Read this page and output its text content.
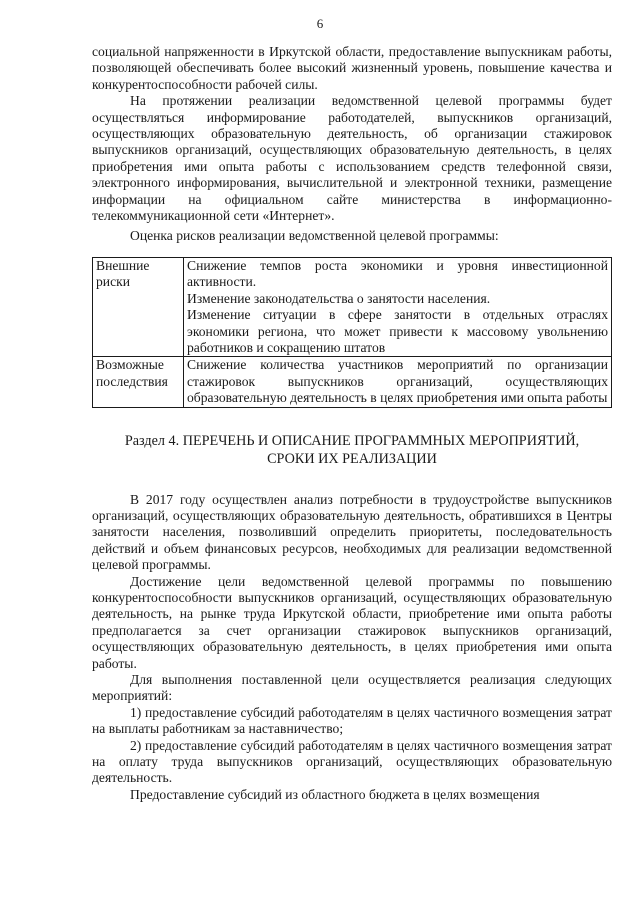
6

социальной напряженности в Иркутской области, предоставление выпускникам работы, позволяющей обеспечивать более высокий жизненный уровень, повышение качества и конкурентоспособности рабочей силы.

На протяжении реализации ведомственной целевой программы будет осуществляться информирование работодателей, выпускников организаций, осуществляющих образовательную деятельность, об организации стажировок выпускников организаций, осуществляющих образовательную деятельность, в целях приобретения ими опыта работы с использованием средств телефонной связи, электронного информирования, вычислительной и электронной техники, размещение информации на официальном сайте министерства в информационно-телекоммуникационной сети «Интернет».

Оценка рисков реализации ведомственной целевой программы:

Внешние риски	Снижение темпов роста экономики и уровня инвестиционной активности.

Изменение законодательства о занятости населения.

Изменение ситуации в сфере занятости в отдельных отраслях экономики региона, что может привести к массовому увольнению работников и сокращению штатов

Возможные последствия	Снижение количества участников мероприятий по организации стажировок выпускников организаций, осуществляющих образовательную деятельность в целях приобретения ими опыта работы

Раздел 4. ПЕРЕЧЕНЬ И ОПИСАНИЕ ПРОГРАММНЫХ МЕРОПРИЯТИЙ,
СРОКИ ИХ РЕАЛИЗАЦИИ

В 2017 году осуществлен анализ потребности в трудоустройстве выпускников организаций, осуществляющих образовательную деятельность, обратившихся в Центры занятости населения, позволивший определить приоритеты, последовательность действий и объем финансовых ресурсов, необходимых для реализации ведомственной целевой программы.

Достижение цели ведомственной целевой программы по повышению конкурентоспособности выпускников организаций, осуществляющих образовательную деятельность, на рынке труда Иркутской области, приобретение ими опыта работы предполагается за счет организации стажировок выпускников организаций, осуществляющих образовательную деятельность, в целях приобретения ими опыта работы.

Для выполнения поставленной цели осуществляется реализация следующих мероприятий:

1) предоставление субсидий работодателям в целях частичного возмещения затрат на выплаты работникам за наставничество;

2) предоставление субсидий работодателям в целях частичного возмещения затрат на оплату труда выпускников организаций, осуществляющих образовательную деятельность.

Предоставление субсидий из областного бюджета в целях возмещения
